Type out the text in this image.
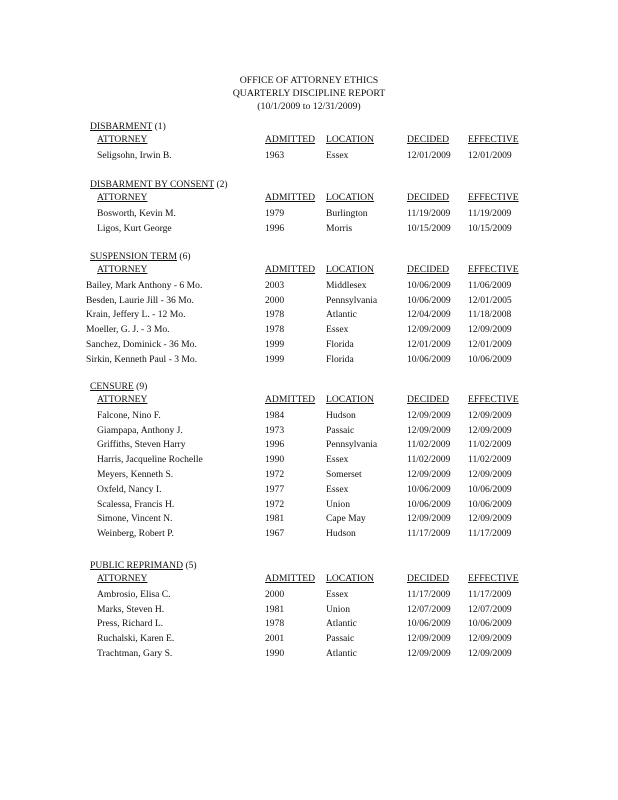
OFFICE OF ATTORNEY ETHICS
QUARTERLY DISCIPLINE REPORT
(10/1/2009 to 12/31/2009)
DISBARMENT (1)
ATTORNEY	ADMITTED LOCATION	DECIDED EFFECTIVE
Seligsohn, Irwin B.	1963	Essex	12/01/2009 12/01/2009
DISBARMENT BY CONSENT (2)
ATTORNEY	ADMITTED LOCATION	DECIDED EFFECTIVE
Bosworth, Kevin M.	1979	Burlington	11/19/2009 11/19/2009
Ligos, Kurt George	1996	Morris	10/15/2009 10/15/2009
SUSPENSION TERM (6)
ATTORNEY	ADMITTED LOCATION	DECIDED EFFECTIVE
Bailey, Mark Anthony - 6 Mo.	2003	Middlesex	10/06/2009 11/06/2009
Besden, Laurie Jill - 36 Mo.	2000	Pennsylvania	10/06/2009 12/01/2005
Krain, Jeffery L. - 12 Mo.	1978	Atlantic	12/04/2009 11/18/2008
Moeller, G. J. - 3 Mo.	1978	Essex	12/09/2009 12/09/2009
Sanchez, Dominick - 36 Mo.	1999	Florida	12/01/2009 12/01/2009
Sirkin, Kenneth Paul - 3 Mo.	1999	Florida	10/06/2009 10/06/2009
CENSURE (9)
ATTORNEY	ADMITTED LOCATION	DECIDED EFFECTIVE
Falcone, Nino F.	1984	Hudson	12/09/2009 12/09/2009
Giampapa, Anthony J.	1973	Passaic	12/09/2009 12/09/2009
Griffiths, Steven Harry	1996	Pennsylvania	11/02/2009 11/02/2009
Harris, Jacqueline Rochelle	1990	Essex	11/02/2009 11/02/2009
Meyers, Kenneth S.	1972	Somerset	12/09/2009 12/09/2009
Oxfeld, Nancy I.	1977	Essex	10/06/2009 10/06/2009
Scalessa, Francis H.	1972	Union	10/06/2009 10/06/2009
Simone, Vincent N.	1981	Cape May	12/09/2009 12/09/2009
Weinberg, Robert P.	1967	Hudson	11/17/2009 11/17/2009
PUBLIC REPRIMAND (5)
ATTORNEY	ADMITTED LOCATION	DECIDED EFFECTIVE
Ambrosio, Elisa C.	2000	Essex	11/17/2009 11/17/2009
Marks, Steven H.	1981	Union	12/07/2009 12/07/2009
Press, Richard L.	1978	Atlantic	10/06/2009 10/06/2009
Ruchalski, Karen E.	2001	Passaic	12/09/2009 12/09/2009
Trachtman, Gary S.	1990	Atlantic	12/09/2009 12/09/2009
